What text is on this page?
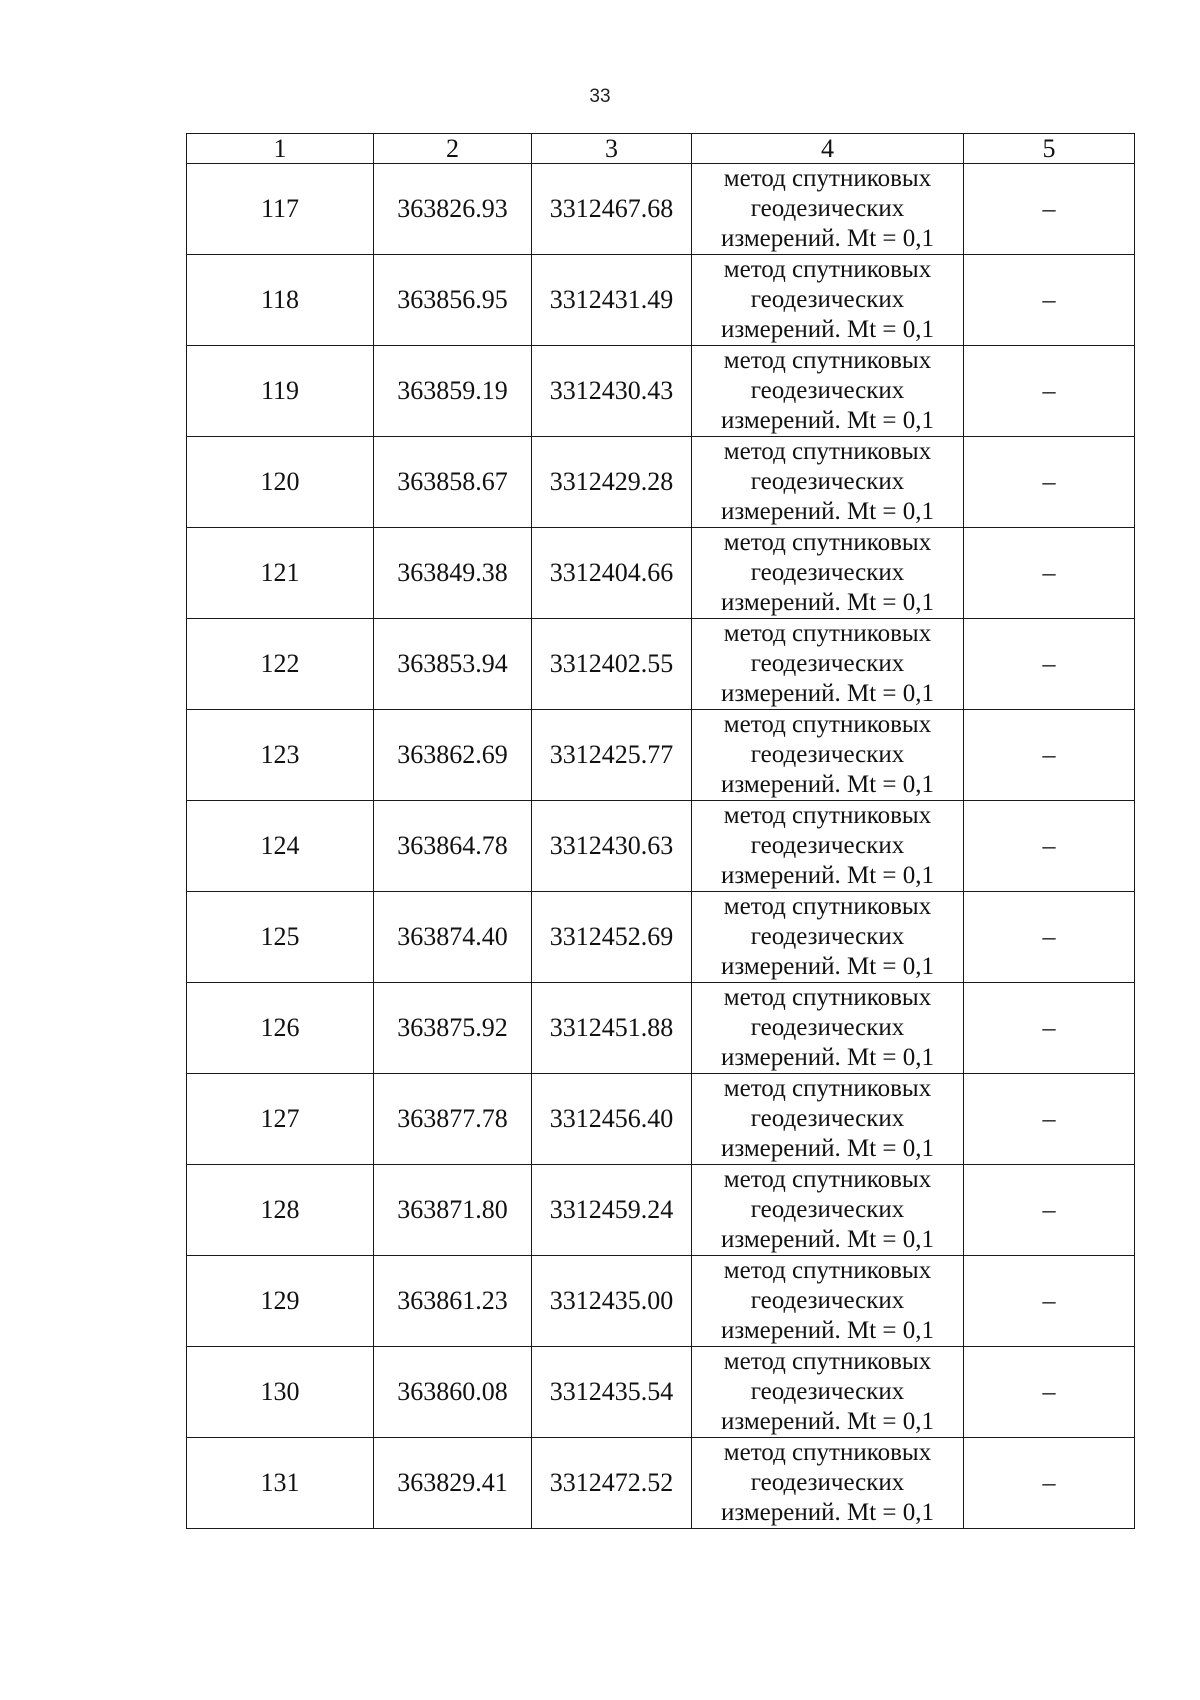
33
1	2	3	4	5
117	363826.93	3312467.68	метод спутниковых
геодезических
измерений. Mt = 0,1	–
118	363856.95	3312431.49	метод спутниковых
геодезических
измерений. Mt = 0,1	–
119	363859.19	3312430.43	метод спутниковых
геодезических
измерений. Mt = 0,1	–
120	363858.67	3312429.28	метод спутниковых
геодезических
измерений. Mt = 0,1	–
121	363849.38	3312404.66	метод спутниковых
геодезических
измерений. Mt = 0,1	–
122	363853.94	3312402.55	метод спутниковых
геодезических
измерений. Mt = 0,1	–
123	363862.69	3312425.77	метод спутниковых
геодезических
измерений. Mt = 0,1	–
124	363864.78	3312430.63	метод спутниковых
геодезических
измерений. Mt = 0,1	–
125	363874.40	3312452.69	метод спутниковых
геодезических
измерений. Mt = 0,1	–
126	363875.92	3312451.88	метод спутниковых
геодезических
измерений. Mt = 0,1	–
127	363877.78	3312456.40	метод спутниковых
геодезических
измерений. Mt = 0,1	–
128	363871.80	3312459.24	метод спутниковых
геодезических
измерений. Mt = 0,1	–
129	363861.23	3312435.00	метод спутниковых
геодезических
измерений. Mt = 0,1	–
130	363860.08	3312435.54	метод спутниковых
геодезических
измерений. Mt = 0,1	–
131	363829.41	3312472.52	метод спутниковых
геодезических
измерений. Mt = 0,1	–
